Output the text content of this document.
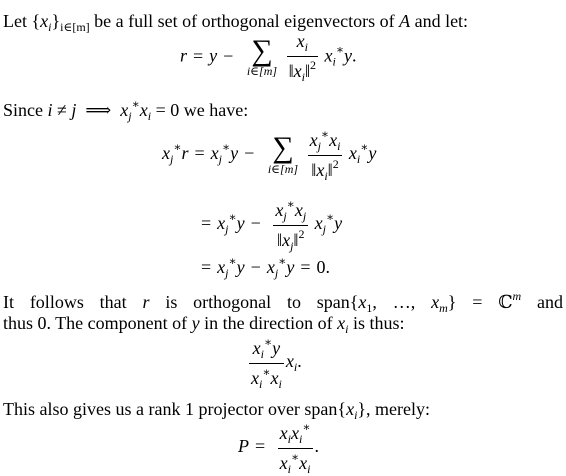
Let $\{x_i\}_{i\in[m]}$ be a full set of orthogonal eigenvectors of A and let:
r = y − ∑
i∈[m]
$\frac{x_i}{‖x_i‖^2} x_i^∗y$.
Since i ≠ j  ⟹  $x_j^∗x_i = 0$ we have:
$x_j^∗r = x_j^∗y$ − ∑
i∈[m]
$\frac{x_j^∗x_i}{‖x_i‖^2} x_i^∗y$
= $x_j^∗y - \frac{x_j^∗x_j}{‖x_j‖^2} x_j^∗y$
= $x_j^∗y - x_j^∗y = 0$.
It follows that r is orthogonal to $span\{x_1$, …, $x_m$} = ℂ$^m$ and
thus 0. The component of y in the direction of $x_i$ is thus:
$\frac{x_i^∗y}{x_i^∗x_i} x_i$.
This also gives us a rank 1 projector over $span\{x_i\}$, merely:
$P = \frac{x_ix_i^∗}{x_i^∗x_i}$ .
